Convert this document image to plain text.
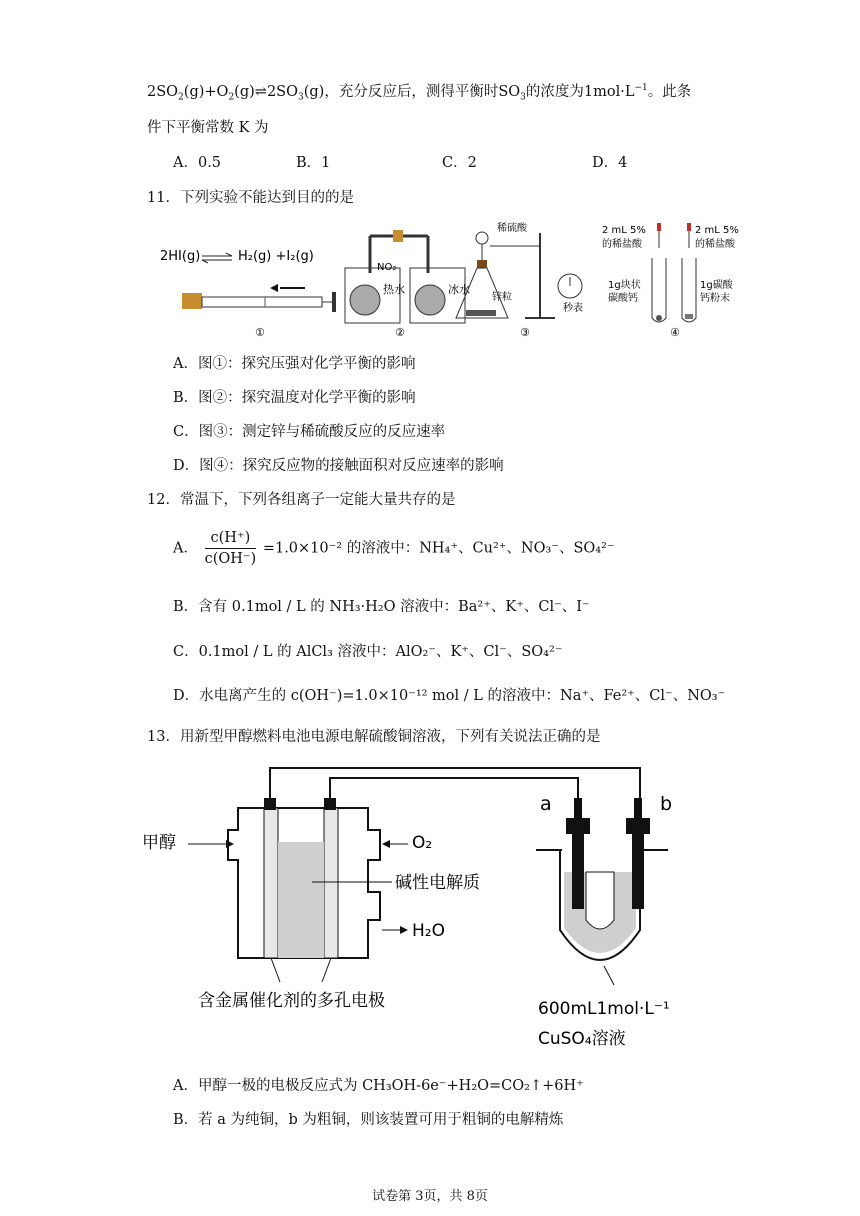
$2SO_2(g)+O_2(g)\rightleftharpoons 2SO_3(g)$，充分反应后，测得平衡时$SO_3$的浓度为$1mol\cdot L^{-1}$。此条
件下平衡常数 K 为
A．0.5	B．1	C．2	D．4
11．下列实验不能达到目的的是
2HI(g)	H₂(g) +I₂(g)
①
NO₂
热水	冰水
②
稀硫酸
锌粒
秒表
③
2 mL 5%
的稀盐酸
2 mL 5%
的稀盐酸
1g块状
碳酸钙
1g碳酸
钙粉末
④
A．图①：探究压强对化学平衡的影响
B．图②：探究温度对化学平衡的影响
C．图③：测定锌与稀硫酸反应的反应速率
D．图④：探究反应物的接触面积对反应速率的影响
12．常温下，下列各组离子一定能大量共存的是
A． $\frac{c(H^+)}{c(OH^-)} =1.0\times 10^{-2}$ 的溶液中：NH₄⁺、Cu²⁺、NO₃⁻、SO₄²⁻
B．含有 0.1mol / L 的 NH₃·H₂O 溶液中：Ba²⁺、K⁺、Cl⁻、I⁻
C．0.1mol / L 的 AlCl₃ 溶液中：AlO₂⁻、K⁺、Cl⁻、SO₄²⁻
D．水电离产生的 c(OH⁻)=1.0×10⁻¹² mol / L 的溶液中：Na⁺、Fe²⁺、Cl⁻、NO₃⁻
13．用新型甲醇燃料电池电源电解硫酸铜溶液，下列有关说法正确的是
甲醇	O₂
碱性电解质
H₂O
含金属催化剂的多孔电极
a	b
600mL1mol·L⁻¹
CuSO₄溶液
A．甲醇一极的电极反应式为 CH₃OH-6e⁻+H₂O=CO₂↑+6H⁺
B．若 a 为纯铜，b 为粗铜，则该装置可用于粗铜的电解精炼
试卷第 3页，共 8页
